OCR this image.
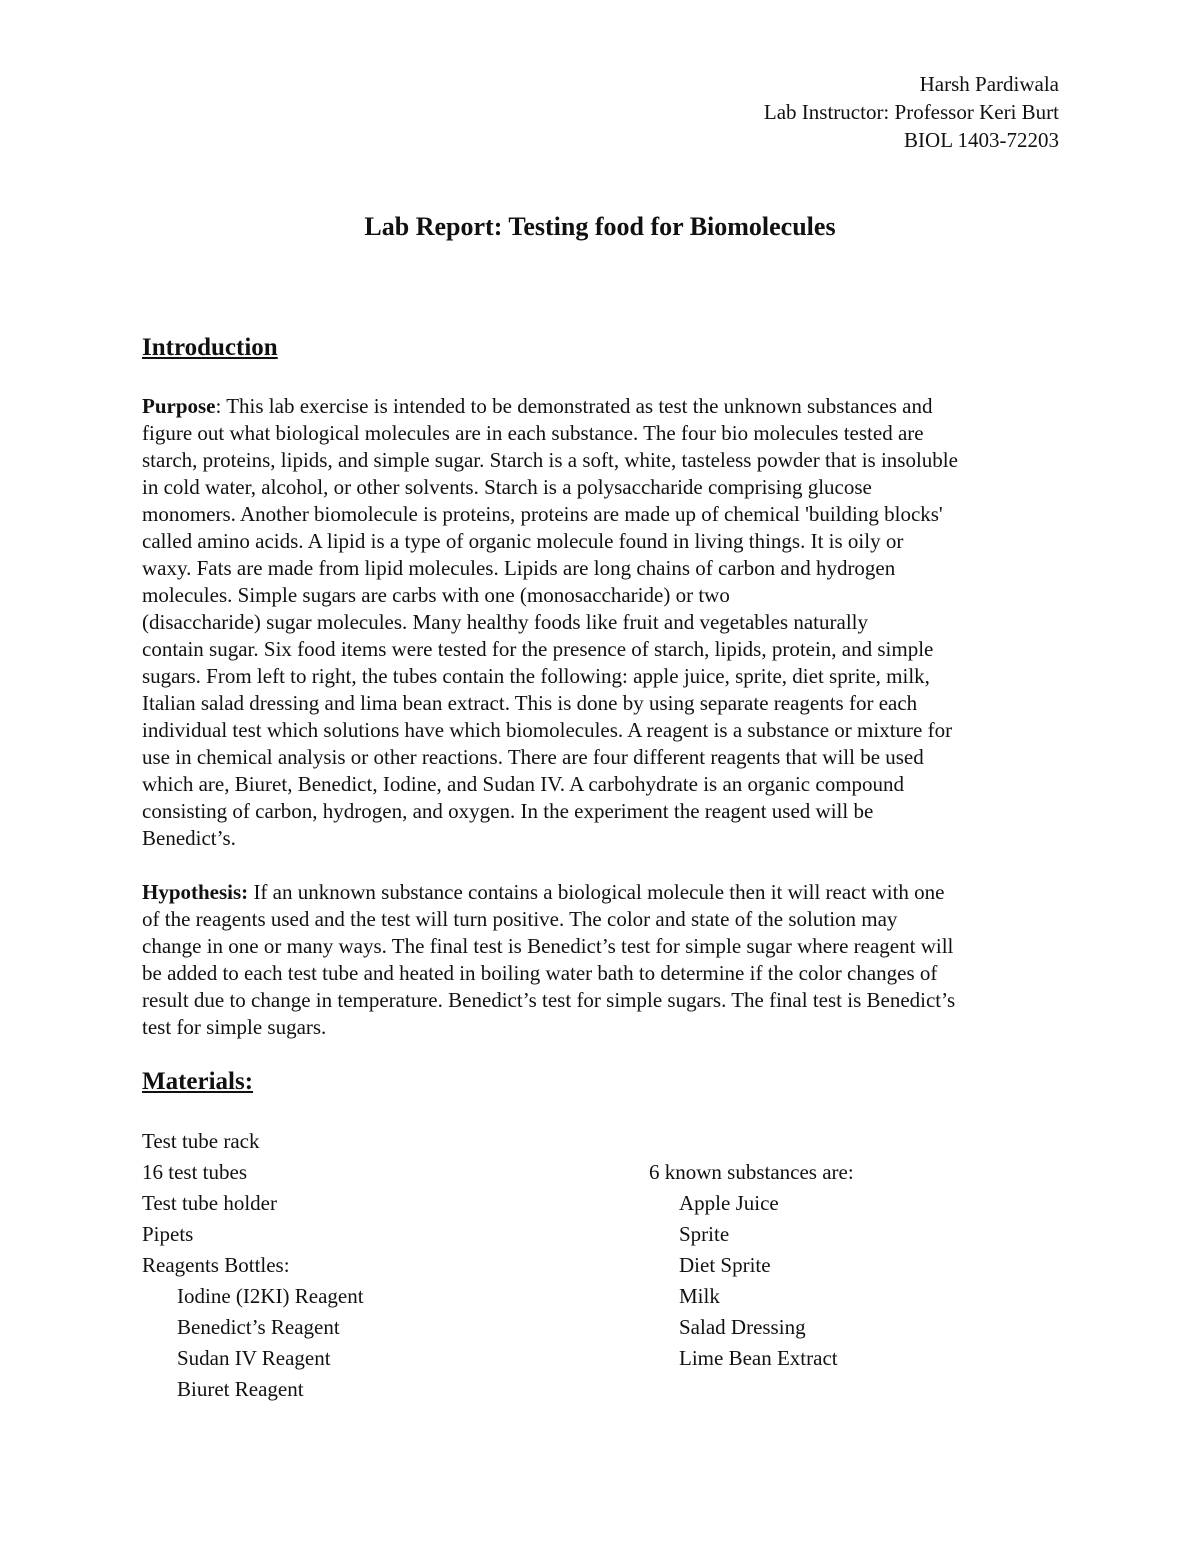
Harsh Pardiwala
Lab Instructor: Professor Keri Burt
BIOL 1403-72203
Lab Report: Testing food for Biomolecules
Introduction
Purpose: This lab exercise is intended to be demonstrated as test the unknown substances and
figure out what biological molecules are in each substance. The four bio molecules tested are
starch, proteins, lipids, and simple sugar. Starch is a soft, white, tasteless powder that is insoluble
in cold water, alcohol, or other solvents. Starch is a polysaccharide comprising glucose
monomers. Another biomolecule is proteins, proteins are made up of chemical 'building blocks'
called amino acids. A lipid is a type of organic molecule found in living things. It is oily or
waxy. Fats are made from lipid molecules. Lipids are long chains of carbon and hydrogen
molecules. Simple sugars are carbs with one (monosaccharide) or two
(disaccharide) sugar molecules. Many healthy foods like fruit and vegetables naturally
contain sugar. Six food items were tested for the presence of starch, lipids, protein, and simple
sugars. From left to right, the tubes contain the following: apple juice, sprite, diet sprite, milk,
Italian salad dressing and lima bean extract. This is done by using separate reagents for each
individual test which solutions have which biomolecules. A reagent is a substance or mixture for
use in chemical analysis or other reactions. There are four different reagents that will be used
which are, Biuret, Benedict, Iodine, and Sudan IV. A carbohydrate is an organic compound
consisting of carbon, hydrogen, and oxygen. In the experiment the reagent used will be
Benedict’s.
Hypothesis: If an unknown substance contains a biological molecule then it will react with one
of the reagents used and the test will turn positive. The color and state of the solution may
change in one or many ways. The final test is Benedict’s test for simple sugar where reagent will
be added to each test tube and heated in boiling water bath to determine if the color changes of
result due to change in temperature. Benedict’s test for simple sugars. The final test is Benedict’s
test for simple sugars.
Materials:
Test tube rack
16 test tubes
Test tube holder
Pipets
Reagents Bottles:
Iodine (I2KI) Reagent
Benedict’s Reagent
Sudan IV Reagent
Biuret Reagent
6 known substances are:
Apple Juice
Sprite
Diet Sprite
Milk
Salad Dressing
Lime Bean Extract
